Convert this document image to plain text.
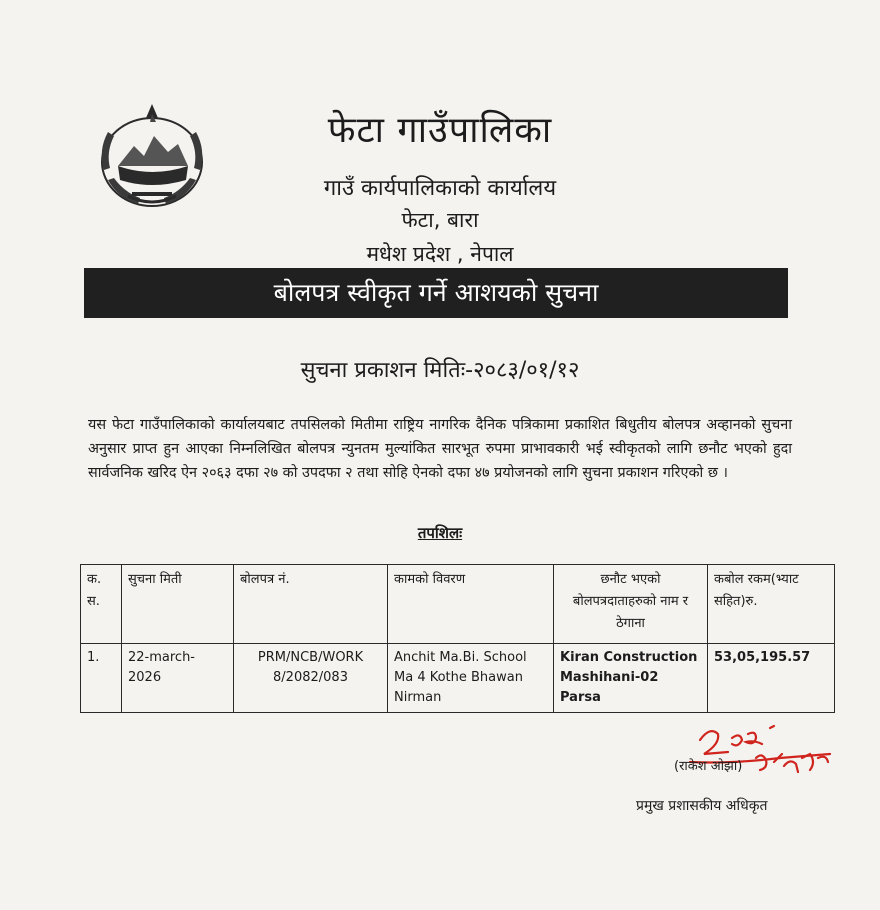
फेटा गाउँपालिका
गाउँ कार्यपालिकाको कार्यालय
फेटा, बारा
मधेश प्रदेश , नेपाल
बोलपत्र स्वीकृत गर्ने आशयको सुचना
सुचना प्रकाशन मितिः-२०८३/०१/१२

यस फेटा गाउँपालिकाको कार्यालयबाट तपसिलको मितीमा राष्ट्रिय नागरिक दैनिक पत्रिकामा प्रकाशित बिधुतीय बोलपत्र अव्हानको सुचना अनुसार प्राप्त हुन आएका निम्नलिखित बोलपत्र न्युनतम मुल्यांकित सारभूत रुपमा प्राभावकारी भई स्वीकृतको लागि छनौट भएको हुदा सार्वजनिक खरिद ऐन २०६३ दफा २७ को उपदफा २ तथा सोहि ऐनको दफा ४७ प्रयोजनको लागि सुचना प्रकाशन गरिएको छ ।

तपशिलः
क. स.	सुचना मिती	बोलपत्र नं.	कामको विवरण	छनौट भएको बोलपत्रदाताहरुको नाम र ठेगाना	कबोल रकम(भ्याट सहित)रु.
1.	22-march-2026	PRM/NCB/WORK 8/2082/083	Anchit Ma.Bi. School Ma 4 Kothe Bhawan Nirman	Kiran Construction Mashihani-02 Parsa	53,05,195.57
(राकेश ओझा)
प्रमुख प्रशासकीय अधिकृत
